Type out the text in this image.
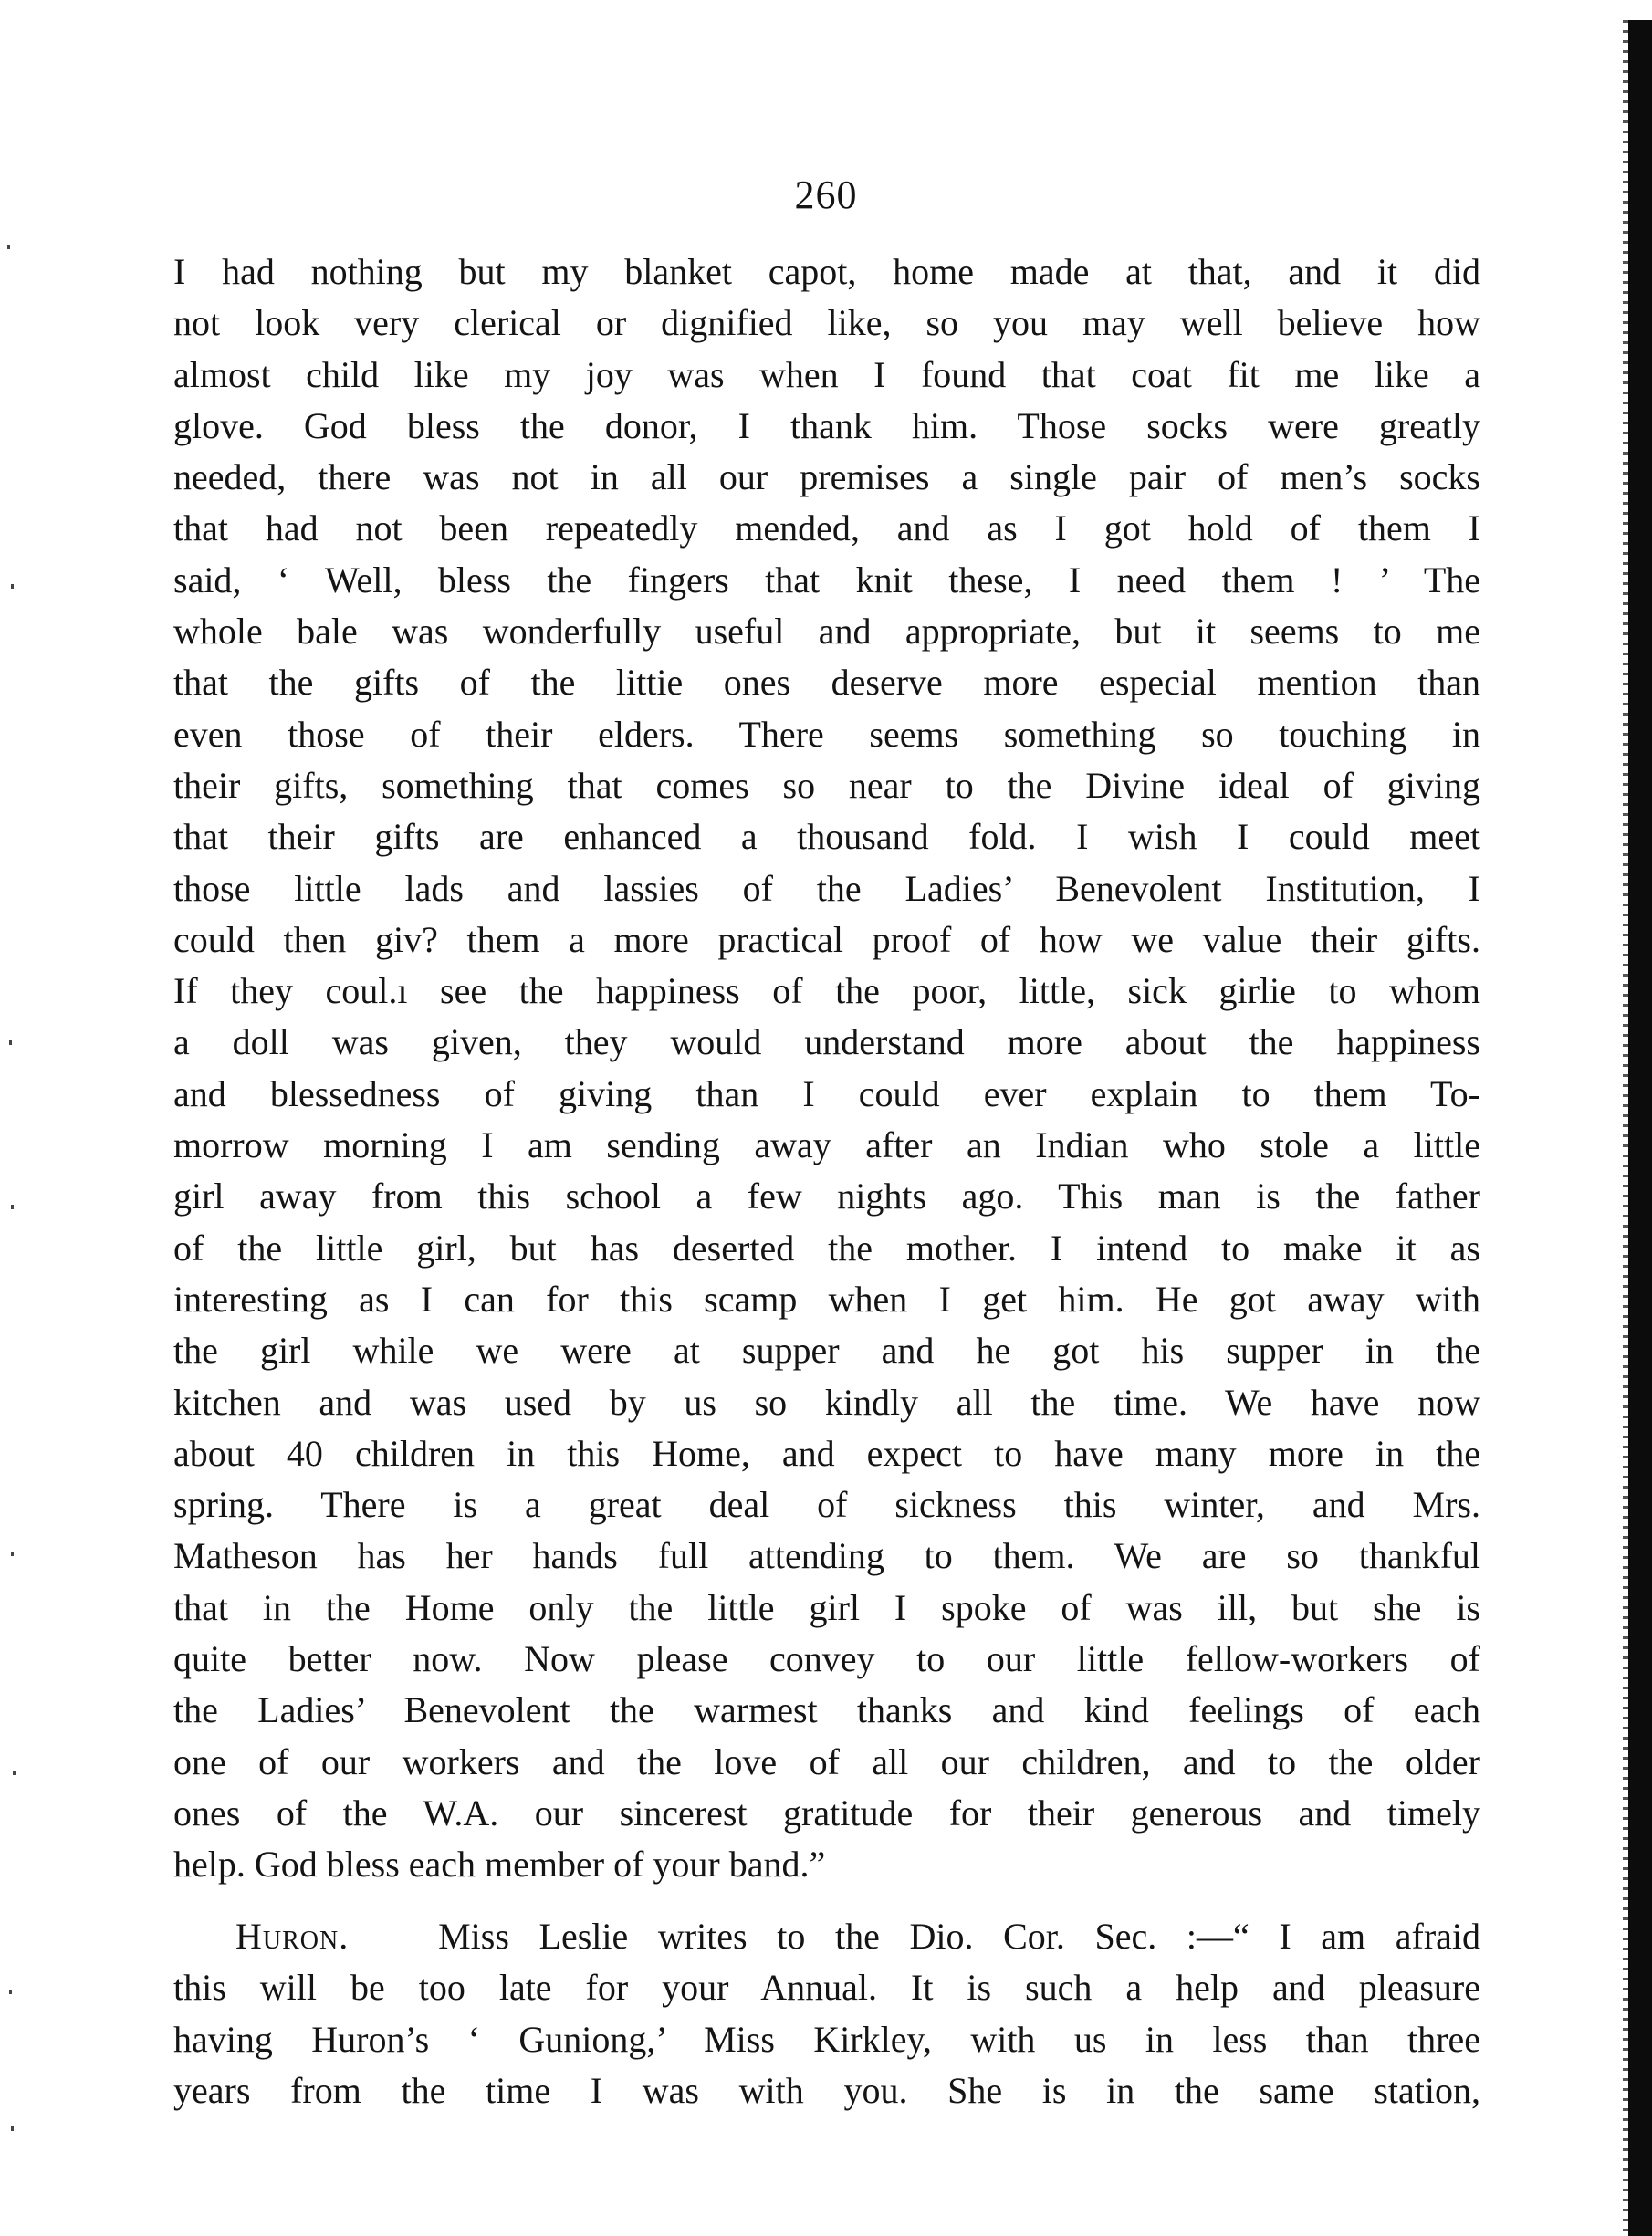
260
I had nothing but my blanket capot, home made at that, and it did
not look very clerical or dignified like, so you may well believe how
almost child like my joy was when I found that coat fit me like a
glove. God bless the donor, I thank him. Those socks were greatly
needed, there was not in all our premises a single pair of men’s socks
that had not been repeatedly mended, and as I got hold of them I
said, ‘ Well, bless the fingers that knit these, I need them ! ’ The
whole bale was wonderfully useful and appropriate, but it seems to me
that the gifts of the littie ones deserve more especial mention than
even those of their elders. There seems something so touching in
their gifts, something that comes so near to the Divine ideal of giving
that their gifts are enhanced a thousand fold. I wish I could meet
those little lads and lassies of the Ladies’ Benevolent Institution, I
could then giv? them a more practical proof of how we value their gifts.
If they coul.ı see the happiness of the poor, little, sick girlie to whom
a doll was given, they would understand more about the happiness
and blessedness of giving than I could ever explain to them To-
morrow morning I am sending away after an Indian who stole a little
girl away from this school a few nights ago. This man is the father
of the little girl, but has deserted the mother. I intend to make it as
interesting as I can for this scamp when I get him. He got away with
the girl while we were at supper and he got his supper in the
kitchen and was used by us so kindly all the time. We have now
about 40 children in this Home, and expect to have many more in the
spring. There is a great deal of sickness this winter, and Mrs.
Matheson has her hands full attending to them. We are so thankful
that in the Home only the little girl I spoke of was ill, but she is
quite better now. Now please convey to our little fellow-workers of
the Ladies’ Benevolent the warmest thanks and kind feelings of each
one of our workers and the love of all our children, and to the older
ones of the W.A. our sincerest gratitude for their generous and timely
help. God bless each member of your band.”
Huron. Miss Leslie writes to the Dio. Cor. Sec. :—“ I am afraid
this will be too late for your Annual. It is such a help and pleasure
having Huron’s ‘ Guniong,’ Miss Kirkley, with us in less than three
years from the time I was with you. She is in the same station,
